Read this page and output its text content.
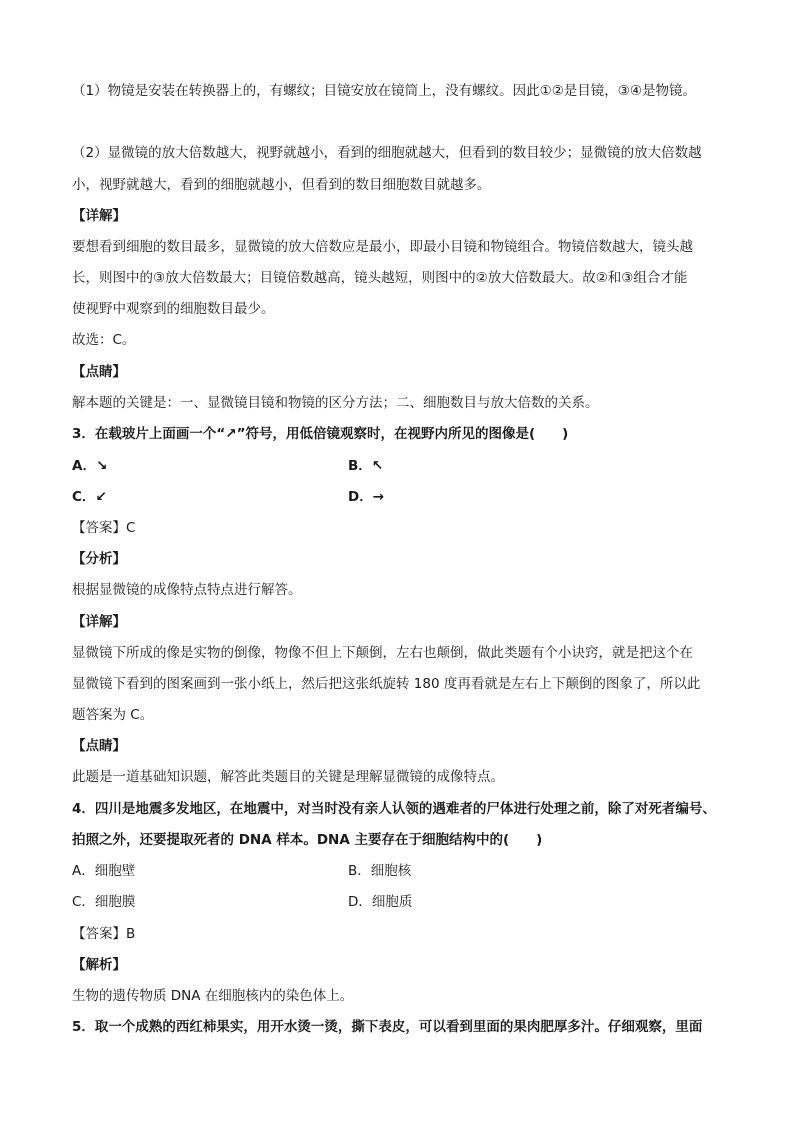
（1）物镜是安装在转换器上的，有螺纹；目镜安放在镜筒上，没有螺纹。因此①②是目镜，③④是物镜。
（2）显微镜的放大倍数越大，视野就越小，看到的细胞就越大，但看到的数目较少；显微镜的放大倍数越
小，视野就越大，看到的细胞就越小，但看到的数目细胞数目就越多。
【详解】
要想看到细胞的数目最多，显微镜的放大倍数应是最小，即最小目镜和物镜组合。物镜倍数越大，镜头越
长，则图中的③放大倍数最大；目镜倍数越高，镜头越短，则图中的②放大倍数最大。故②和③组合才能
使视野中观察到的细胞数目最少。
故选：C。
【点睛】
解本题的关键是：一、显微镜目镜和物镜的区分方法；二、细胞数目与放大倍数的关系。
3．在载玻片上面画一个“↗”符号，用低倍镜观察时，在视野内所见的图像是(　　)
A．↘	B．↖
C．↙	D．→
【答案】C
【分析】
根据显微镜的成像特点特点进行解答。
【详解】
显微镜下所成的像是实物的倒像，物像不但上下颠倒，左右也颠倒，做此类题有个小诀窍，就是把这个在
显微镜下看到的图案画到一张小纸上，然后把这张纸旋转 180 度再看就是左右上下颠倒的图象了，所以此
题答案为 C。
【点睛】
此题是一道基础知识题，解答此类题目的关键是理解显微镜的成像特点。
4．四川是地震多发地区，在地震中，对当时没有亲人认领的遇难者的尸体进行处理之前，除了对死者编号、
拍照之外，还要提取死者的 DNA 样本。DNA 主要存在于细胞结构中的(　　)
A．细胞壁	B．细胞核
C．细胞膜	D．细胞质
【答案】B
【解析】
生物的遗传物质 DNA 在细胞核内的染色体上。
5．取一个成熟的西红柿果实，用开水烫一烫，撕下表皮，可以看到里面的果肉肥厚多汁。仔细观察，里面
